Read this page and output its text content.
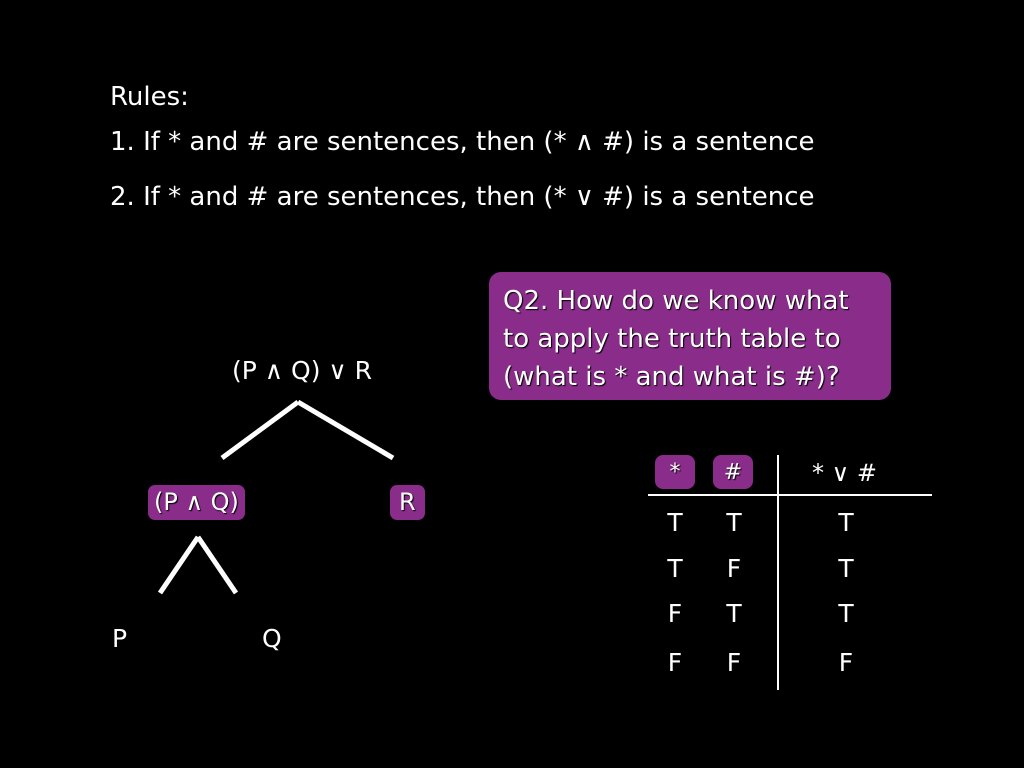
Rules:
1. If * and # are sentences, then (* ∧ #) is a sentence
2. If * and # are sentences, then (* ∨ #) is a sentence
(P ∧ Q) ∨ R
(P ∧ Q)	R
P	Q
Q2. How do we know what
to apply the truth table to
(what is * and what is #)?
*	#	* ∨ #
T	T	T
T	F	T
F	T	T
F	F	F
